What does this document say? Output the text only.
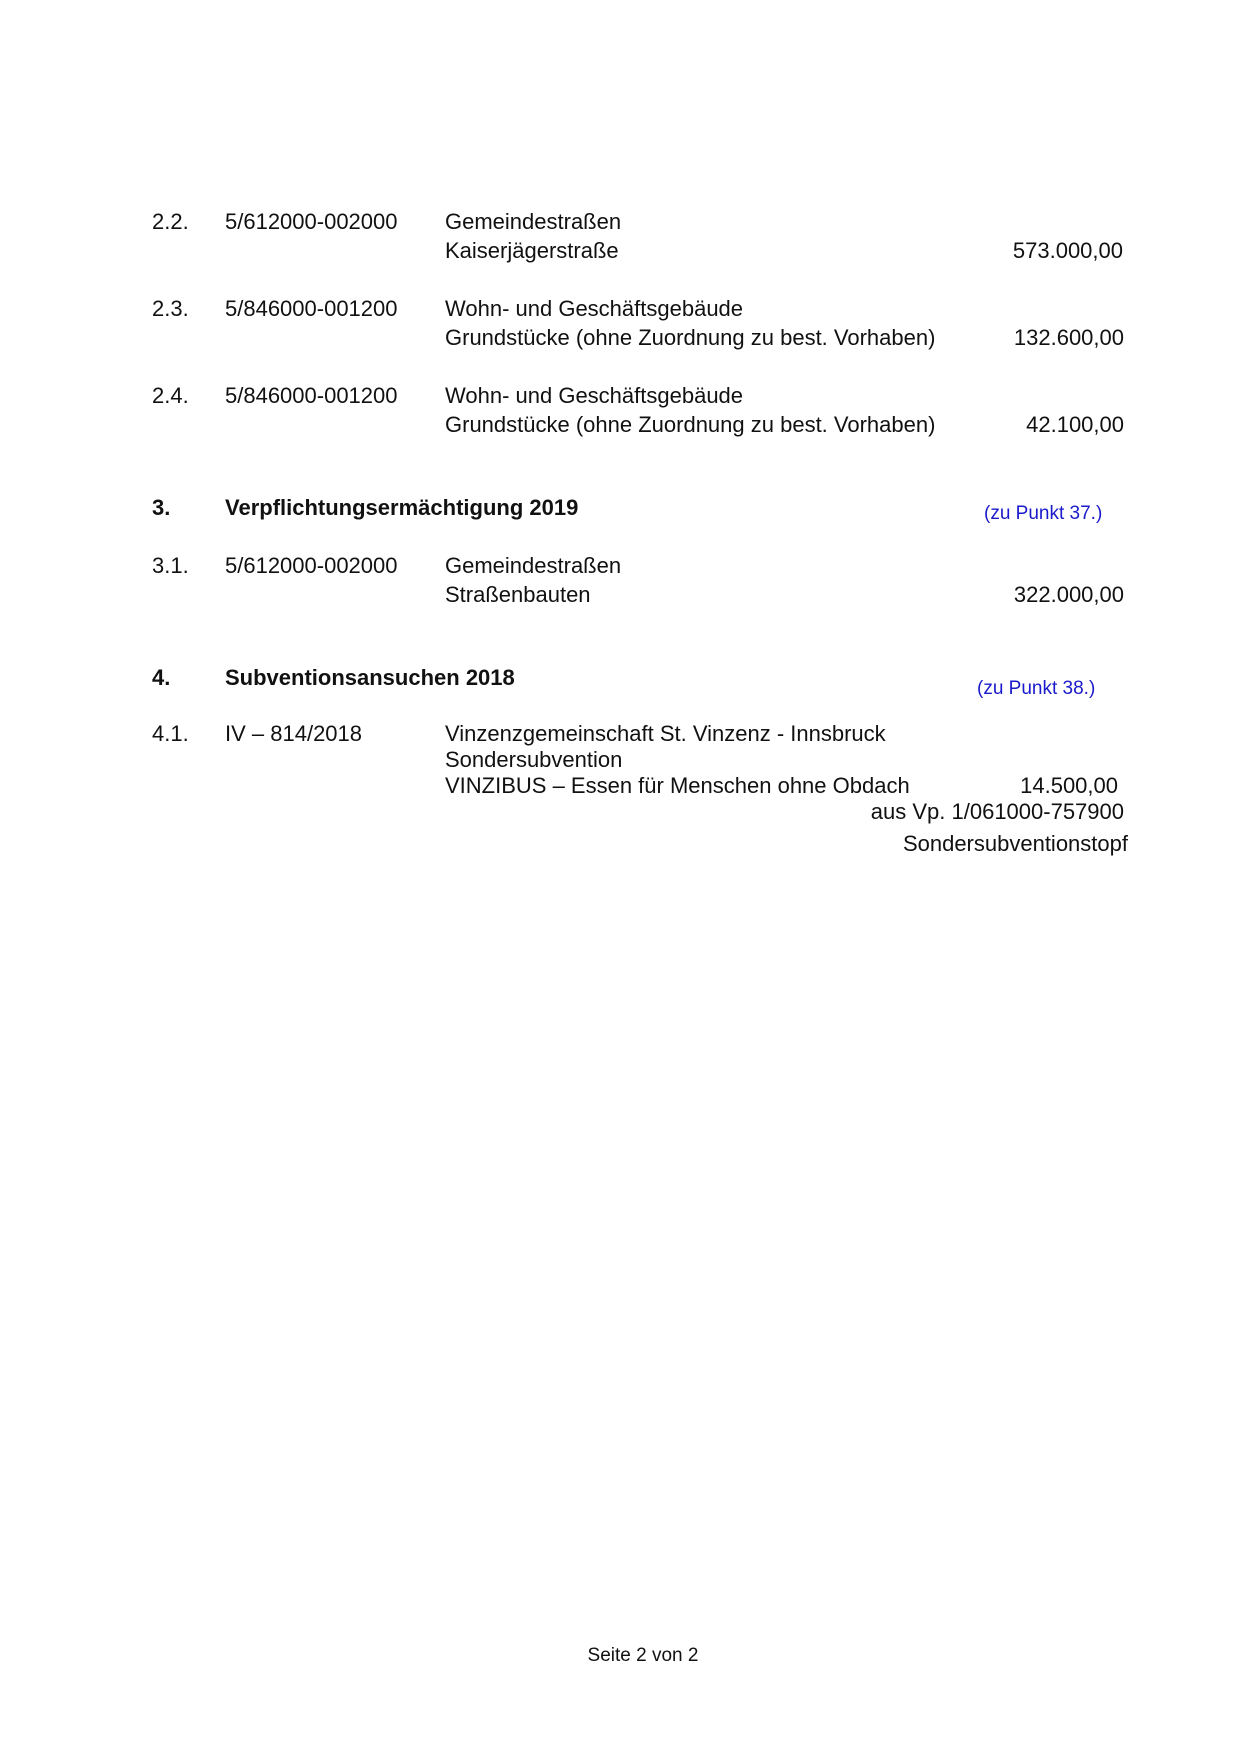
2.2. 5/612000-002000 Gemeindestraßen
Kaiserjägerstraße	573.000,00
2.3. 5/846000-001200 Wohn- und Geschäftsgebäude
Grundstücke (ohne Zuordnung zu best. Vorhaben)	132.600,00
2.4. 5/846000-001200 Wohn- und Geschäftsgebäude
Grundstücke (ohne Zuordnung zu best. Vorhaben)	42.100,00
3. Verpflichtungsermächtigung 2019	(zu Punkt 37.)
3.1. 5/612000-002000 Gemeindestraßen
Straßenbauten	322.000,00
4. Subventionsansuchen 2018	(zu Punkt 38.)
4.1. IV – 814/2018	Vinzenzgemeinschaft St. Vinzenz - Innsbruck
Sondersubvention
VINZIBUS – Essen für Menschen ohne Obdach	14.500,00
aus Vp. 1/061000-757900
Sondersubventionstopf
Seite 2 von 2
